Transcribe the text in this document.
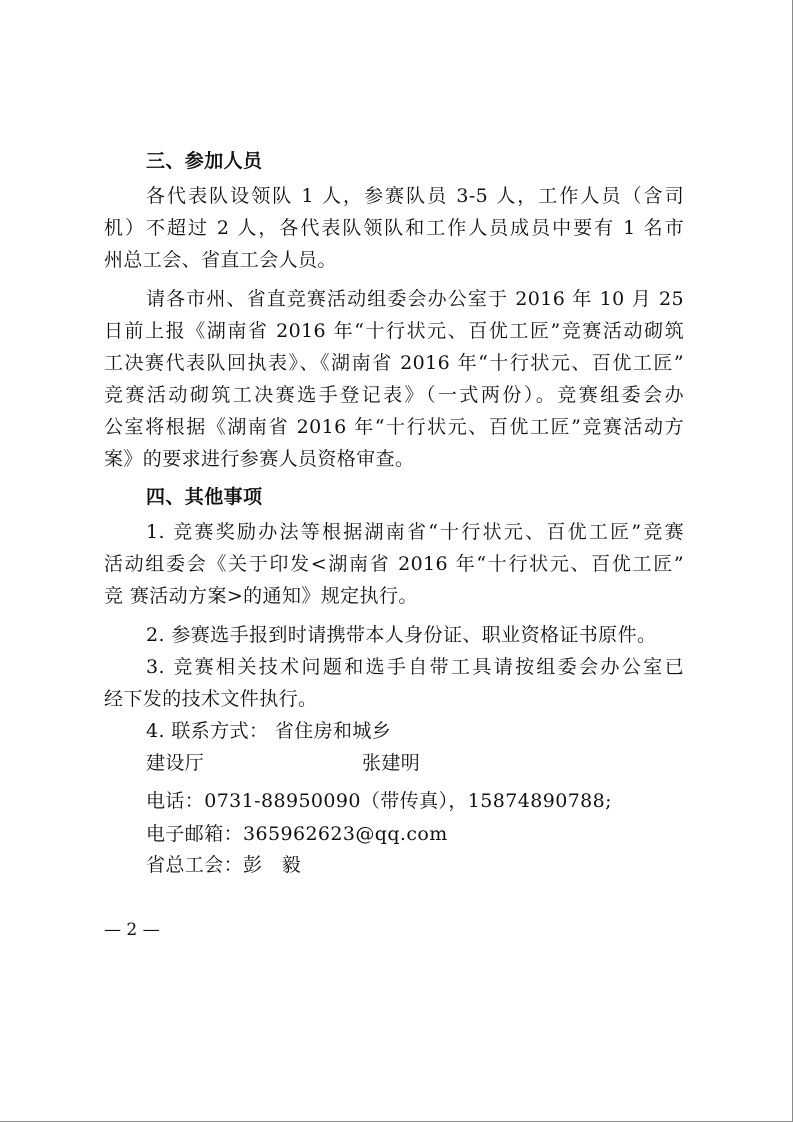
三、参加人员
各代表队设领队 1 人，参赛队员 3-5 人，工作人员（含司
机）不超过 2 人，各代表队领队和工作人员成员中要有 1 名市
州总工会、省直工会人员。
请各市州、省直竞赛活动组委会办公室于 2016 年 10 月 25
日前上报《湖南省 2016 年“十行状元、百优工匠”竞赛活动砌筑
工决赛代表队回执表》、《湖南省 2016 年“十行状元、百优工匠”
竞赛活动砌筑工决赛选手登记表》（一式两份）。竞赛组委会办
公室将根据《湖南省 2016 年“十行状元、百优工匠”竞赛活动方
案》的要求进行参赛人员资格审查。
四、其他事项
1. 竞赛奖励办法等根据湖南省“十行状元、百优工匠”竞赛
活动组委会《关于印发<湖南省 2016 年“十行状元、百优工匠”
竞 赛活动方案>的通知》规定执行。
2. 参赛选手报到时请携带本人身份证、职业资格证书原件。
3. 竞赛相关技术问题和选手自带工具请按组委会办公室已
经下发的技术文件执行。
4. 联系方式： 省住房和城乡
建设厅	张建明
电话：0731-88950090（带传真），15874890788;
电子邮箱：365962623@qq.com
省总工会：彭　毅
— 2 —
